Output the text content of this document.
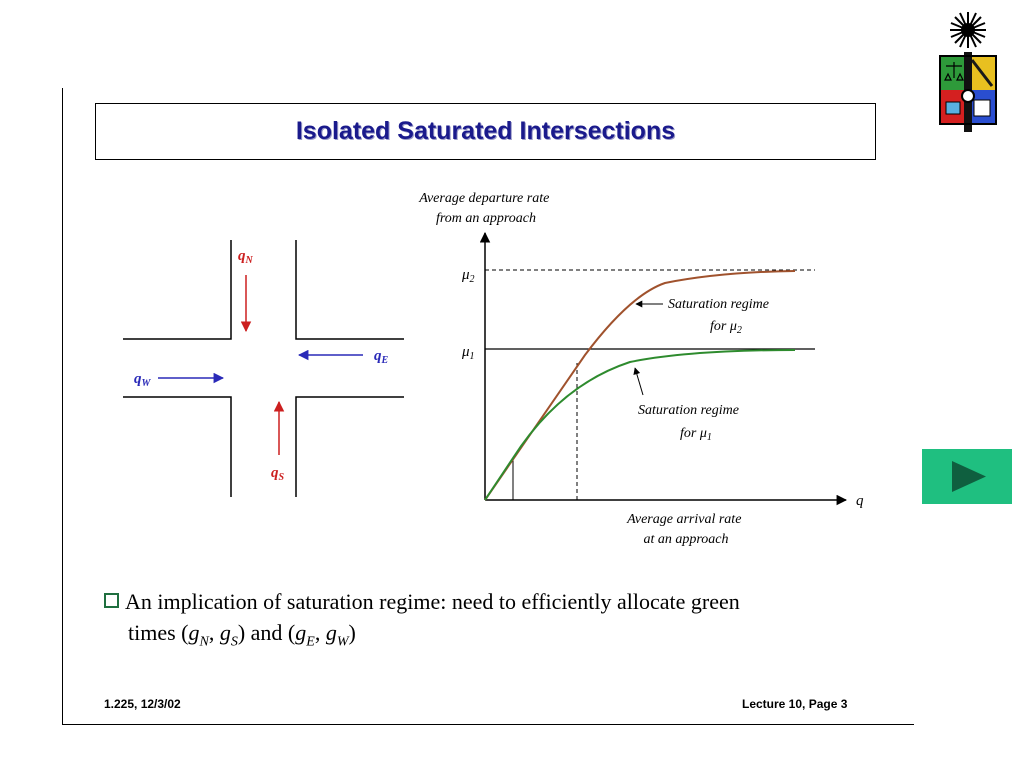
Isolated Saturated Intersections
$q_N$
$q_S$
$q_E$
$q_W$
Average departure rate from an approach
Average arrival rate at an approach
q
$\mu_2$
$\mu_1$
Saturation regime for $\mu_2$
Saturation regime for $\mu_1$
An implication of saturation regime: need to efficiently allocate green
times ($g_N$, $g_S$) and ($g_E$, $g_W$)
1.225, 12/3/02	Lecture 10, Page 3
